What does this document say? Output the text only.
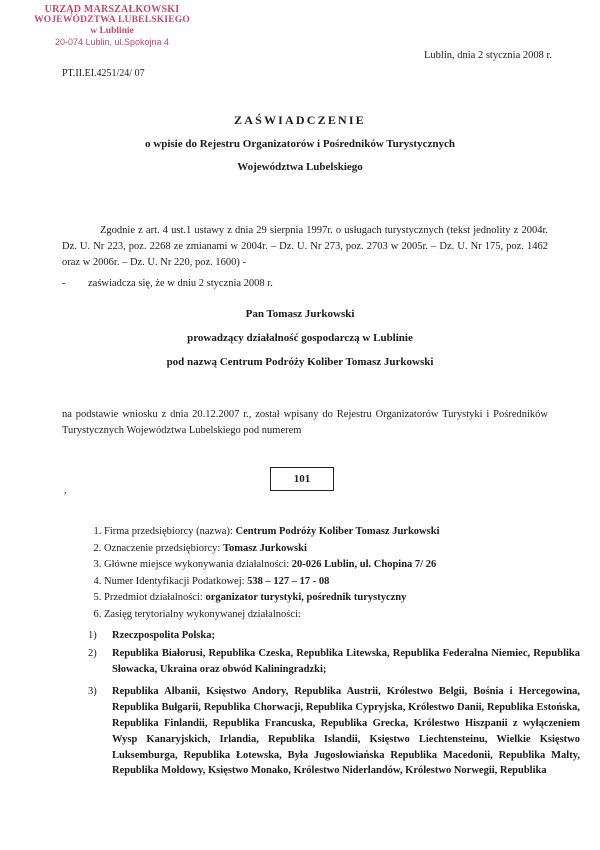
URZĄD MARSZAŁKOWSKI
WOJEWÓDZTWA LUBELSKIEGO
w Lublinie
20-074 Lublin, ul.Spokojna 4
PT.II.EI.4251/24/ 07
Lublin, dnia 2 stycznia 2008 r.
ZAŚWIADCZENIE
o wpisie do Rejestru Organizatorów i Pośredników Turystycznych
Województwa Lubelskiego
Zgodnie z art. 4 ust.1 ustawy z dnia 29 sierpnia 1997r. o usługach turystycznych (tekst jednolity z 2004r. Dz. U. Nr 223, poz. 2268 ze zmianami w 2004r. – Dz. U. Nr 273, poz. 2703 w 2005r. – Dz. U. Nr 175, poz. 1462 oraz w 2006r. – Dz. U. Nr 220, poz. 1600) -
- zaświadcza się, że w dniu 2 stycznia 2008 r.
Pan Tomasz Jurkowski
prowadzący działalność gospodarczą w Lublinie
pod nazwą Centrum Podróży Koliber Tomasz Jurkowski
na podstawie wniosku z dnia 20.12.2007 r., został wpisany do Rejestru Organizatorów Turystyki i Pośredników Turystycznych Województwa Lubelskiego pod numerem
101
,
1. Firma przedsiębiorcy (nazwa): Centrum Podróży Koliber Tomasz Jurkowski
2. Oznaczenie przedsiębiorcy: Tomasz Jurkowski
3. Główne miejsce wykonywania działalności: 20-026 Lublin, ul. Chopina 7/ 26
4. Numer Identyfikacji Podatkowej: 538 – 127 – 17 - 08
5. Przedmiot działalności: organizator turystyki, pośrednik turystyczny
6. Zasięg terytorialny wykonywanej działalności:
1) Rzeczpospolita Polska;
2) Republika Białorusi, Republika Czeska, Republika Litewska, Republika Federalna Niemiec, Republika Słowacka, Ukraina oraz obwód Kaliningradzki;
3) Republika Albanii, Księstwo Andory, Republika Austrii, Królestwo Belgii, Bośnia i Hercegowina, Republika Bułgarii, Republika Chorwacji, Republika Cypryjska, Królestwo Danii, Republika Estońska, Republika Finlandii, Republika Francuska, Republika Grecka, Królestwo Hiszpanii z wyłączeniem Wysp Kanaryjskich, Irlandia, Republika Islandii, Księstwo Liechtensteinu, Wielkie Księstwo Luksemburga, Republika Łotewska, Była Jugosłowiańska Republika Macedonii, Republika Malty, Republika Mołdowy, Księstwo Monako, Królestwo Niderlandów, Królestwo Norwegii, Republika
